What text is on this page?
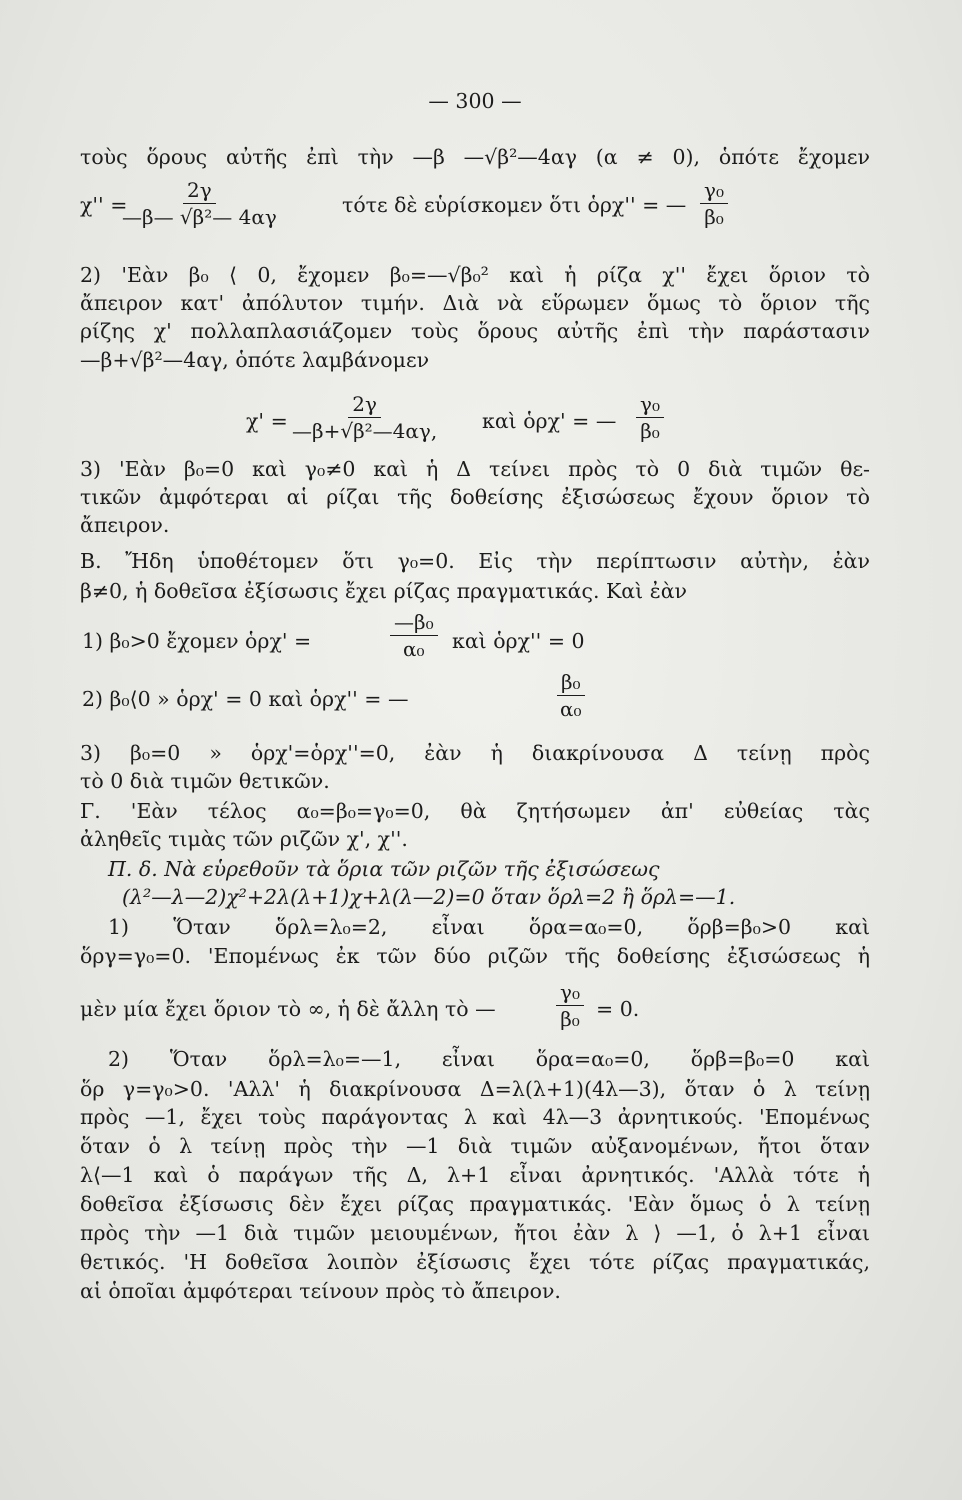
— 300 —
τοὺς ὅρους αὐτῆς ἐπὶ τὴν —β —√β²—4αγ (α ≠ 0), ὁπότε ἔχομεν
χ'' =
$\frac{2\gamma}{\text{—β— √β²— 4αγ}}$	τότε δὲ εὑρίσκομεν ὅτι ὁρχ'' = — $\frac{\text{γ₀}}{\text{β₀}}$
2) 'Εὰν β₀ ⟨ 0, ἔχομεν β₀=—√β₀² καὶ ἡ ρίζα χ'' ἔχει ὅριον τὸ
ἄπειρον κατ' ἀπόλυτον τιμήν. Διὰ νὰ εὕρωμεν ὅμως τὸ ὅριον τῆς
ρίζης χ' πολλαπλασιάζομεν τοὺς ὅρους αὐτῆς ἐπὶ τὴν παράστασιν
—β+√β²—4αγ, ὁπότε λαμβάνομεν
$\chi' = \frac{2\gamma}{\text{—β+√β²—4αγ,}}$ καὶ ὁρχ' = — $\frac{\text{γ₀}}{\text{β₀}}$
3) 'Εὰν β₀=0 καὶ γ₀≠0 καὶ ἡ Δ τείνει πρὸς τὸ 0 διὰ τιμῶν θε-
τικῶν ἀμφότεραι αἱ ρίζαι τῆς δοθείσης ἐξισώσεως ἔχουν ὅριον τὸ
ἄπειρον.
Β. Ἤδη ὑποθέτομεν ὅτι γ₀=0. Εἰς τὴν περίπτωσιν αὐτὴν, ἐὰν
β≠0, ἡ δοθεῖσα ἐξίσωσις ἔχει ρίζας πραγματικάς. Καὶ ἐὰν
1) β₀>0 ἔχομεν ὁρχ' =	$\frac{\text{—β₀}}{\text{α₀}}$ καὶ ὁρχ'' = 0
2) β₀⟨0 » ὁρχ' = 0 καὶ ὁρχ'' = —	$\frac{\text{β₀}}{\text{α₀}}$
3) β₀=0 » ὁρχ'=ὁρχ''=0, ἐὰν ἡ διακρίνουσα Δ τείνῃ πρὸς
τὸ 0 διὰ τιμῶν θετικῶν.
Γ. 'Εὰν τέλος α₀=β₀=γ₀=0, θὰ ζητήσωμεν ἀπ' εὐθείας τὰς
ἀληθεῖς τιμὰς τῶν ριζῶν χ', χ''.
Π. δ. Νὰ εὑρεθοῦν τὰ ὅρια τῶν ριζῶν τῆς ἐξισώσεως
(λ²—λ—2)χ²+2λ(λ+1)χ+λ(λ—2)=0 ὅταν ὅρλ=2 ἢ ὅρλ=—1.
1) Ὅταν ὅρλ=λ₀=2, εἶναι ὅρα=α₀=0, ὅρβ=β₀>0 καὶ
ὅργ=γ₀=0. 'Επομένως ἐκ τῶν δύο ριζῶν τῆς δοθείσης ἐξισώσεως ἡ
μὲν μία ἔχει ὅριον τὸ ∞, ἡ δὲ ἄλλη τὸ —	$\frac{\text{γ₀}}{\text{β₀}} = 0$.
2) Ὅταν ὅρλ=λ₀=—1, εἶναι ὅρα=α₀=0, ὅρβ=β₀=0 καὶ
ὅρ γ=γ₀>0. 'Αλλ' ἡ διακρίνουσα Δ=λ(λ+1)(4λ—3), ὅταν ὁ λ τείνῃ
πρὸς —1, ἔχει τοὺς παράγοντας λ καὶ 4λ—3 ἀρνητικούς. 'Επομένως
ὅταν ὁ λ τείνῃ πρὸς τὴν —1 διὰ τιμῶν αὐξανομένων, ἤτοι ὅταν
λ⟨—1 καὶ ὁ παράγων τῆς Δ, λ+1 εἶναι ἀρνητικός. 'Αλλὰ τότε ἡ
δοθεῖσα ἐξίσωσις δὲν ἔχει ρίζας πραγματικάς. 'Εὰν ὅμως ὁ λ τείνῃ
πρὸς τὴν —1 διὰ τιμῶν μειουμένων, ἤτοι ἐὰν λ ⟩ —1, ὁ λ+1 εἶναι
θετικός. 'Η δοθεῖσα λοιπὸν ἐξίσωσις ἔχει τότε ρίζας πραγματικάς,
αἱ ὁποῖαι ἀμφότεραι τείνουν πρὸς τὸ ἄπειρον.
